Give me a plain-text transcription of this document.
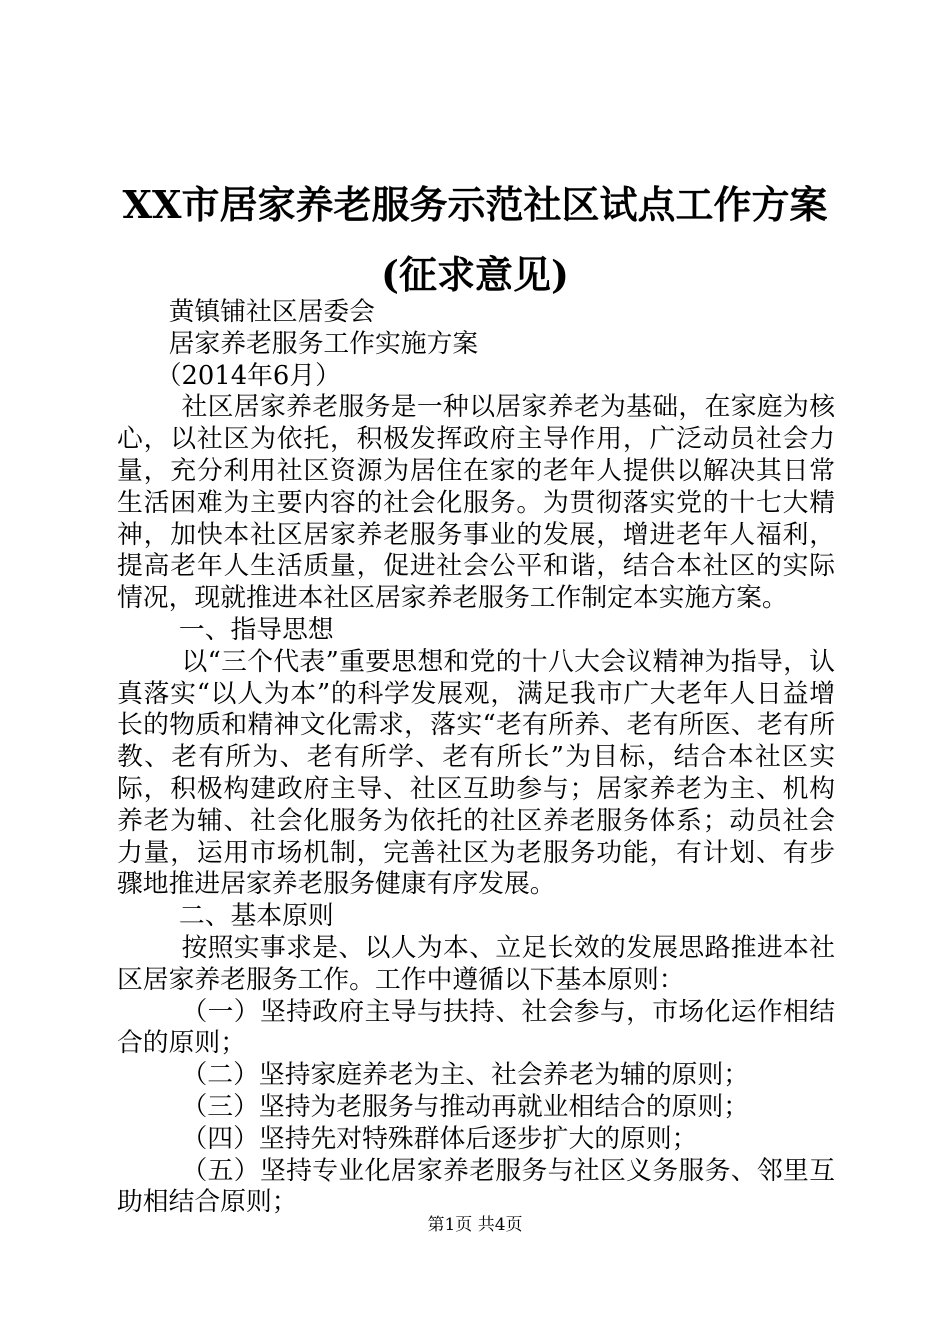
XX市居家养老服务示范社区试点工作方案(征求意见)

黄镇铺社区居委会

居家养老服务工作实施方案

（2014年6月）

社区居家养老服务是一种以居家养老为基础，在家庭为核心，以社区为依托，积极发挥政府主导作用，广泛动员社会力量，充分利用社区资源为居住在家的老年人提供以解决其日常生活困难为主要内容的社会化服务。为贯彻落实党的十七大精神，加快本社区居家养老服务事业的发展，增进老年人福利，提高老年人生活质量，促进社会公平和谐，结合本社区的实际情况，现就推进本社区居家养老服务工作制定本实施方案。

一、指导思想

以“三个代表”重要思想和党的十八大会议精神为指导，认真落实“以人为本”的科学发展观，满足我市广大老年人日益增长的物质和精神文化需求，落实“老有所养、老有所医、老有所教、老有所为、老有所学、老有所长”为目标，结合本社区实际，积极构建政府主导、社区互助参与；居家养老为主、机构养老为辅、社会化服务为依托的社区养老服务体系；动员社会力量，运用市场机制，完善社区为老服务功能，有计划、有步骤地推进居家养老服务健康有序发展。

二、基本原则

按照实事求是、以人为本、立足长效的发展思路推进本社区居家养老服务工作。工作中遵循以下基本原则：

（一）坚持政府主导与扶持、社会参与，市场化运作相结合的原则；

（二）坚持家庭养老为主、社会养老为辅的原则；

（三）坚持为老服务与推动再就业相结合的原则；

（四）坚持先对特殊群体后逐步扩大的原则；

（五）坚持专业化居家养老服务与社区义务服务、邻里互助相结合原则；

第1页 共4页
